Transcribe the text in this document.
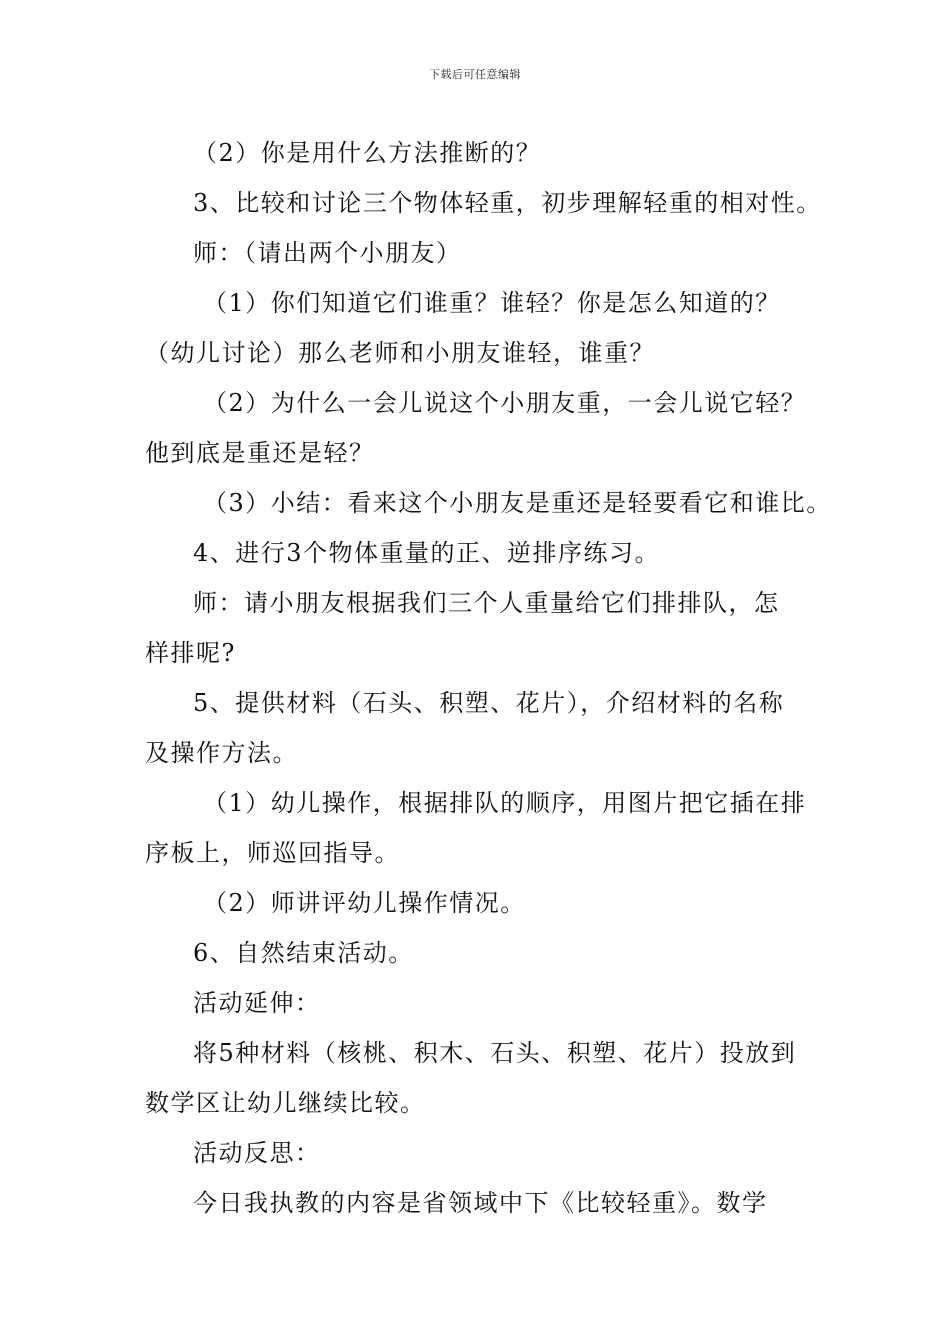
下载后可任意编辑
（2）你是用什么方法推断的？
3、比较和讨论三个物体轻重，初步理解轻重的相对性。
师：（请出两个小朋友）
（1）你们知道它们谁重？谁轻？你是怎么知道的？
（幼儿讨论）那么老师和小朋友谁轻，谁重？
（2）为什么一会儿说这个小朋友重，一会儿说它轻？
他到底是重还是轻？
（3）小结：看来这个小朋友是重还是轻要看它和谁比。
4、进行3个物体重量的正、逆排序练习。
师：请小朋友根据我们三个人重量给它们排排队，怎
样排呢?
5、提供材料（石头、积塑、花片），介绍材料的名称
及操作方法。
（1）幼儿操作，根据排队的顺序，用图片把它插在排
序板上，师巡回指导。
（2）师讲评幼儿操作情况。
6、自然结束活动。
活动延伸：
将5种材料（核桃、积木、石头、积塑、花片）投放到
数学区让幼儿继续比较。
活动反思：
今日我执教的内容是省领域中下《比较轻重》。数学
